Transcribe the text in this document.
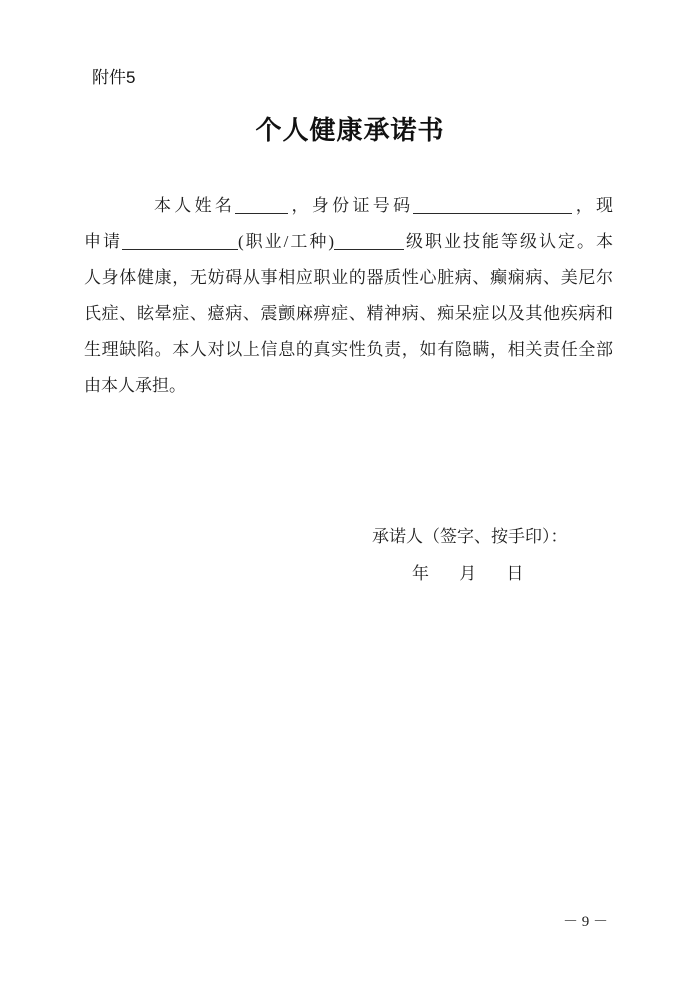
附件5
个人健康承诺书
本人姓名	，身份证号码	，现
申请	(职业/工种)	级职业技能等级认定。本
人身体健康，无妨碍从事相应职业的器质性心脏病、癫痫病、美尼尔
氏症、眩晕症、癔病、震颤麻痹症、精神病、痴呆症以及其他疾病和
生理缺陷。本人对以上信息的真实性负责，如有隐瞒，相关责任全部
由本人承担。
承诺人（签字、按手印）：
年 月 日
－ 9 －
